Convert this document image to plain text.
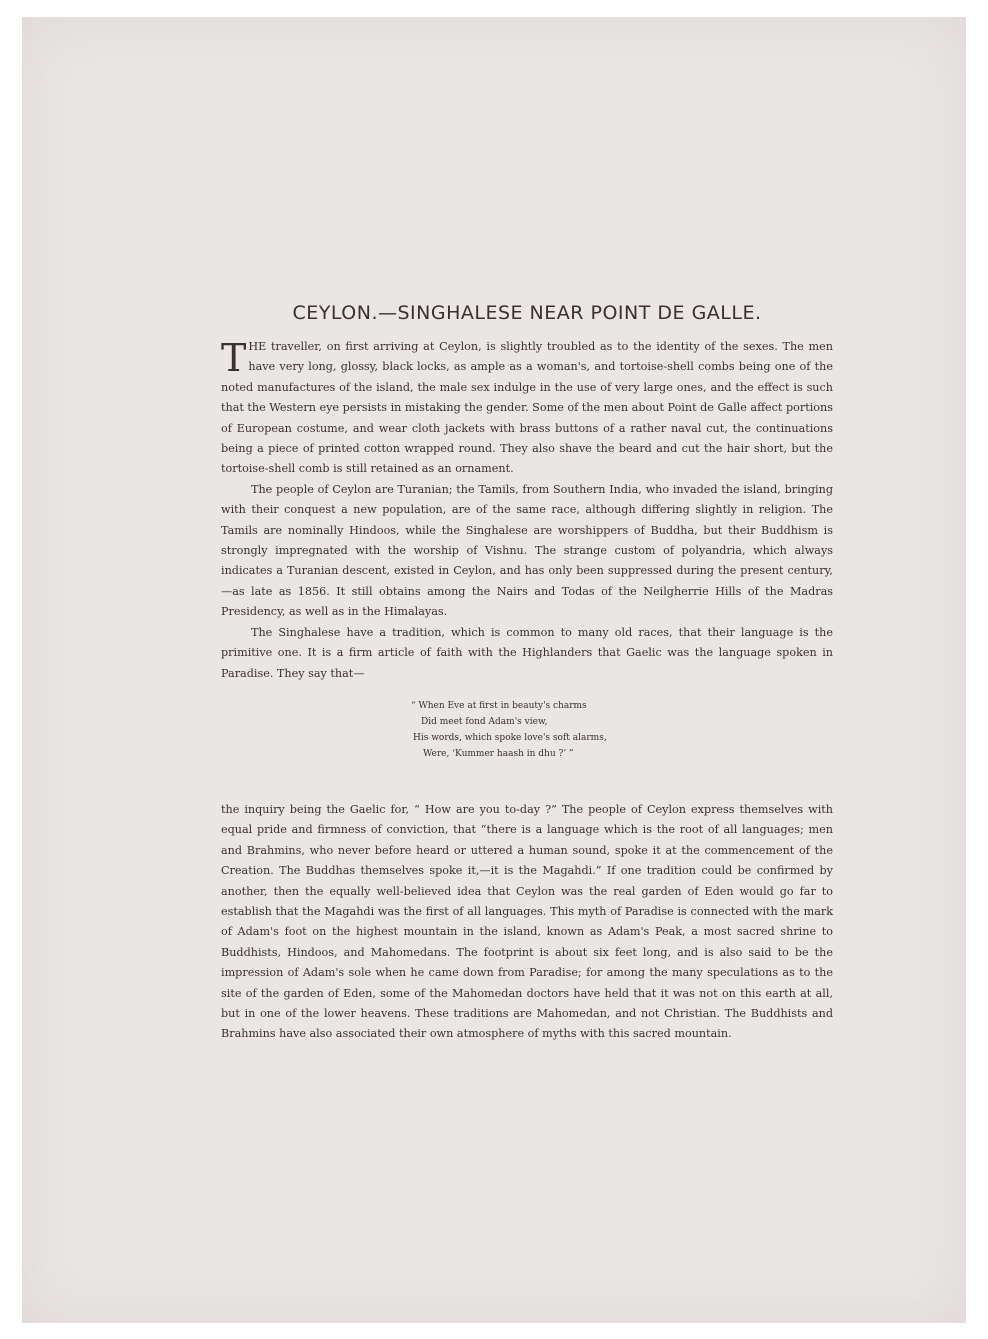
CEYLON.—SINGHALESE NEAR POINT DE GALLE.

THE traveller, on first arriving at Ceylon, is slightly troubled as to the identity of the sexes. The men have very long, glossy, black locks, as ample as a woman's, and tortoise-shell combs being one of the noted manufactures of the island, the male sex indulge in the use of very large ones, and the effect is such that the Western eye persists in mistaking the gender. Some of the men about Point de Galle affect portions of European costume, and wear cloth jackets with brass buttons of a rather naval cut, the continuations being a piece of printed cotton wrapped round. They also shave the beard and cut the hair short, but the tortoise-shell comb is still retained as an ornament.

The people of Ceylon are Turanian; the Tamils, from Southern India, who invaded the island, bringing with their conquest a new population, are of the same race, although differing slightly in religion. The Tamils are nominally Hindoos, while the Singhalese are worshippers of Buddha, but their Buddhism is strongly impregnated with the worship of Vishnu. The strange custom of polyandria, which always indicates a Turanian descent, existed in Ceylon, and has only been suppressed during the present century,—as late as 1856. It still obtains among the Nairs and Todas of the Neilgherrie Hills of the Madras Presidency, as well as in the Himalayas.

The Singhalese have a tradition, which is common to many old races, that their language is the primitive one. It is a firm article of faith with the Highlanders that Gaelic was the language spoken in Paradise. They say that—

“ When Eve at first in beauty's charms
Did meet fond Adam's view,
His words, which spoke love's soft alarms,
Were, ‘Kummer haash in dhu ?’ ”

the inquiry being the Gaelic for, “ How are you to-day ?” The people of Ceylon express themselves with equal pride and firmness of conviction, that “there is a language which is the root of all languages; men and Brahmins, who never before heard or uttered a human sound, spoke it at the commencement of the Creation. The Buddhas themselves spoke it,—it is the Magahdi.” If one tradition could be confirmed by another, then the equally well-believed idea that Ceylon was the real garden of Eden would go far to establish that the Magahdi was the first of all languages. This myth of Paradise is connected with the mark of Adam's foot on the highest mountain in the island, known as Adam's Peak, a most sacred shrine to Buddhists, Hindoos, and Mahomedans. The footprint is about six feet long, and is also said to be the impression of Adam's sole when he came down from Paradise; for among the many speculations as to the site of the garden of Eden, some of the Mahomedan doctors have held that it was not on this earth at all, but in one of the lower heavens. These traditions are Mahomedan, and not Christian. The Buddhists and Brahmins have also associated their own atmosphere of myths with this sacred mountain.
